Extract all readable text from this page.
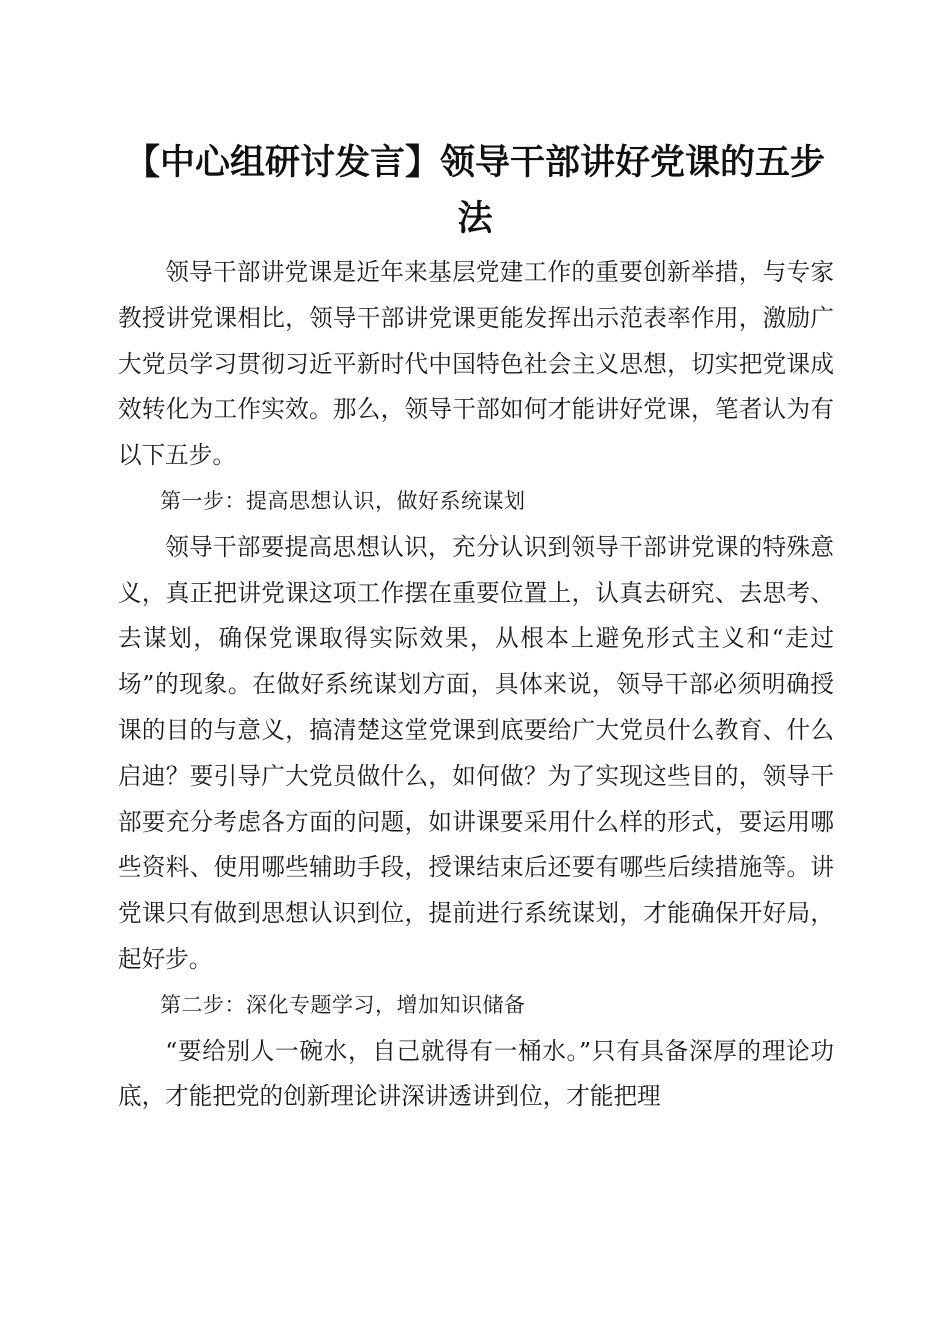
【中心组研讨发言】领导干部讲好党课的五步法

领导干部讲党课是近年来基层党建工作的重要创新举措，与专家教授讲党课相比，领导干部讲党课更能发挥出示范表率作用，激励广大党员学习贯彻习近平新时代中国特色社会主义思想，切实把党课成效转化为工作实效。那么，领导干部如何才能讲好党课，笔者认为有以下五步。

第一步：提高思想认识，做好系统谋划

领导干部要提高思想认识，充分认识到领导干部讲党课的特殊意义，真正把讲党课这项工作摆在重要位置上，认真去研究、去思考、去谋划，确保党课取得实际效果，从根本上避免形式主义和“走过场”的现象。在做好系统谋划方面，具体来说，领导干部必须明确授课的目的与意义，搞清楚这堂党课到底要给广大党员什么教育、什么启迪？要引导广大党员做什么，如何做？为了实现这些目的，领导干部要充分考虑各方面的问题，如讲课要采用什么样的形式，要运用哪些资料、使用哪些辅助手段，授课结束后还要有哪些后续措施等。讲党课只有做到思想认识到位，提前进行系统谋划，才能确保开好局，起好步。

第二步：深化专题学习，增加知识储备

“要给别人一碗水，自己就得有一桶水。”只有具备深厚的理论功底，才能把党的创新理论讲深讲透讲到位，才能把理
